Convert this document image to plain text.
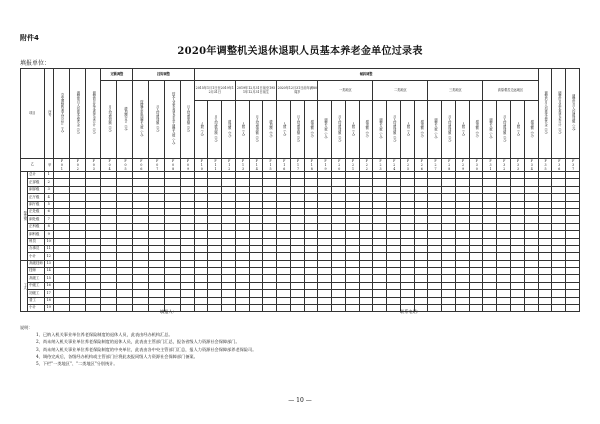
附件4
2020年调整机关退休退职人员基本养老金单位过录表
填报单位：
项目		序号	享受调整待遇人员总计（人）	调整前月人均基本养老金（元）	调整前月基本养老金合计（元）	定额调整		挂钩调整				倾斜调整																									调整后月人均基本养老金（元）	调整后月基本养老金合计（元）	调整后月人均增加额（元）

						月人均增加额（元）	增加额合计（元）	按缴费年限调整人数（人）	月人均增加额（元）	按本人基本养老金水平调整人数（人）	月人均增加额（元）	2015年1月1日至2019年12月31日			2019年12月31日前至1951年12月31日前生			2020年12月31日前年满80周岁			一类地区				二类地区				三类地区				高原艰苦边远地区						

												人数（人）	月人均增加额（元）	增加额（元）	人数（人）	月人均增加额（元）	增加额（元）	人数（人）	月人均增加额（元）	增加额（元）	调整人数（人）	月人均增加额（元）	人数（人）	增加额（元）	调整人数（人）	月人均增加额（元）	人数（人）	增加额（元）	调整人数（人）	月人均增加额（元）	人数（人）	增加额（元）	调整人数（人）	月人均增加额（元）	人数（人）	增加额（元）			

乙		甲	F01	F02	F03	F04	F05	F06	F07	F08	F09	F10	F11	F12	F13	F14	F15	F16	F17	F18	F19	F20	F21	F22	F23	F24	F25	F26	F27	F28	F29	F30	F31	F32	F33	F34	F35	F36	F37

按类别	总计	1																																					
	正部级	2																																					
	副部级	3																																					
	正厅级	4																																					
	副厅级	5																																					
	正处级	6																																					
	副处级	7																																					
	正科级	8																																					
	副科级	9																																					
	科员	10																																					
	办事员	11																																					
	小计	12																																					

工人	高级技师	13																																					
	技师	14																																					
	高级工	15																																					
	中级工	16																																					
	初级工	17																																					
	普工	18																																					
	小计	19																																					
填报人：	联系电话：

说明：

1、已纳入机关事业单位养老保险制度的退休人员，此表由经办机构汇总。

2、尚未纳入机关事业单位养老保险制度的退休人员，此表由主管部门汇总，报各省级人力资源社会保障部门。

3、尚未纳入机关事业单位养老保险制度的中央单位，此表由各中央主管部门汇总，报人力资源社会保障部养老保险司。

4、调待完成后，各级经办机构或主管部门应将此表报同级人力资源社会保障部门备案。

5、下栏"一类地区"、"二类地区"分别统计。

— 10 —
